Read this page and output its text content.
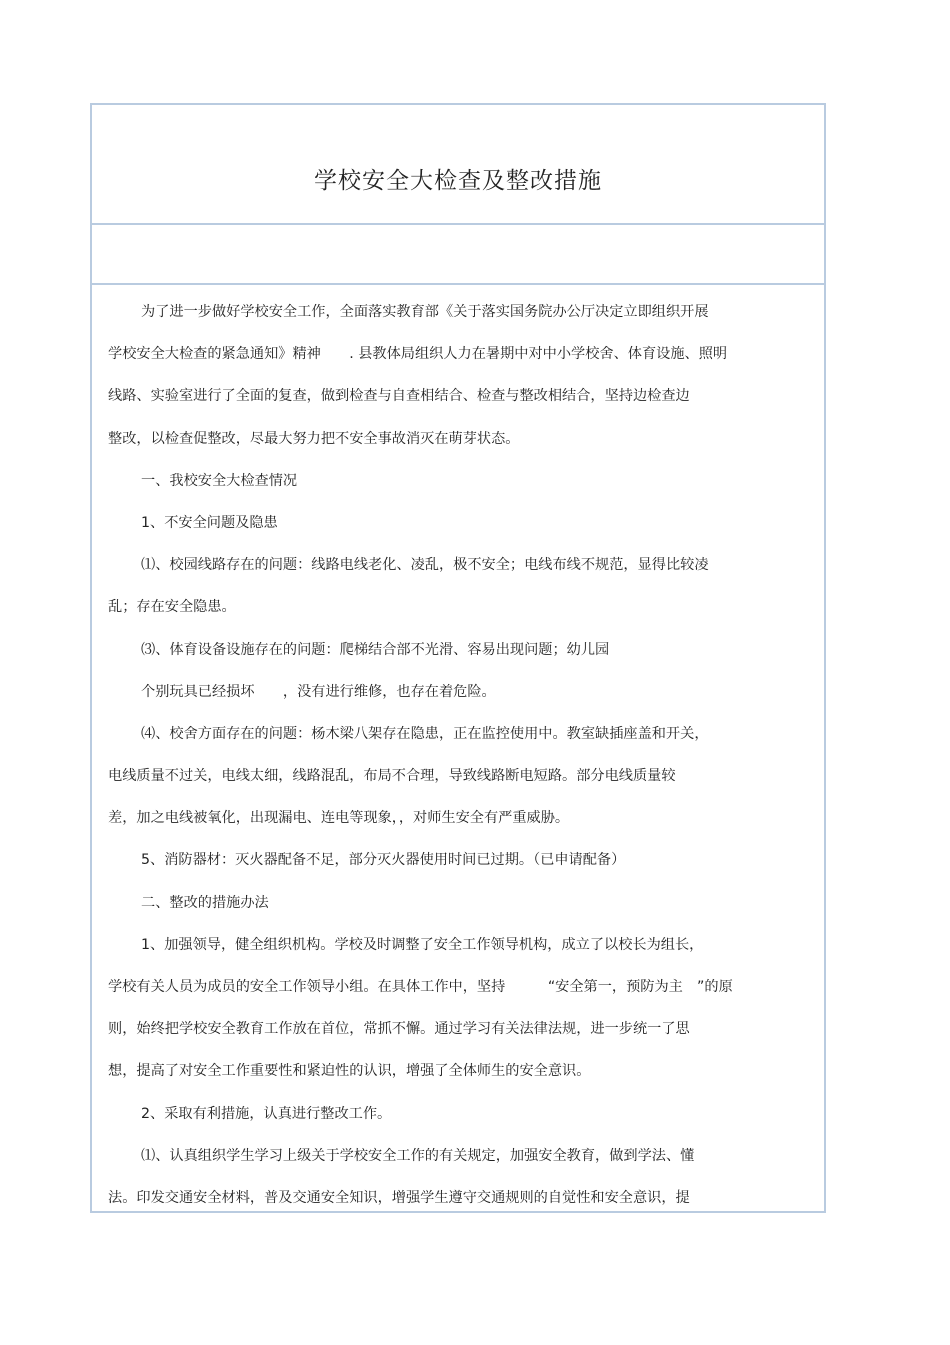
学校安全大检查及整改措施
为了进一步做好学校安全工作，全面落实教育部《关于落实国务院办公厅决定立即组织开展
学校安全大检查的紧急通知》精神　　. 县教体局组织人力在暑期中对中小学校舍、体育设施、照明
线路、实验室进行了全面的复查，做到检查与自查相结合、检查与整改相结合，坚持边检查边
整改，以检查促整改，尽最大努力把不安全事故消灭在萌芽状态。
一、我校安全大检查情况
1、不安全问题及隐患
⑴、校园线路存在的问题：线路电线老化、凌乱，极不安全；电线布线不规范，显得比较凌
乱；存在安全隐患。
⑶、体育设备设施存在的问题：爬梯结合部不光滑、容易出现问题；幼儿园
个别玩具已经损坏　　，没有进行维修，也存在着危险。
⑷、校舍方面存在的问题：杨木梁八架存在隐患，正在监控使用中。教室缺插座盖和开关，
电线质量不过关，电线太细，线路混乱，布局不合理，导致线路断电短路。部分电线质量较
差，加之电线被氧化，出现漏电、连电等现象，，对师生安全有严重威胁。
5、消防器材：灭火器配备不足，部分灭火器使用时间已过期。（已申请配备）
二、整改的措施办法
1、加强领导，健全组织机构。学校及时调整了安全工作领导机构，成立了以校长为组长，
学校有关人员为成员的安全工作领导小组。在具体工作中，坚持　　　“安全第一，预防为主　”的原
则，始终把学校安全教育工作放在首位，常抓不懈。通过学习有关法律法规，进一步统一了思
想，提高了对安全工作重要性和紧迫性的认识，增强了全体师生的安全意识。
2、采取有利措施，认真进行整改工作。
⑴、认真组织学生学习上级关于学校安全工作的有关规定，加强安全教育，做到学法、懂
法。印发交通安全材料，普及交通安全知识，增强学生遵守交通规则的自觉性和安全意识，提
